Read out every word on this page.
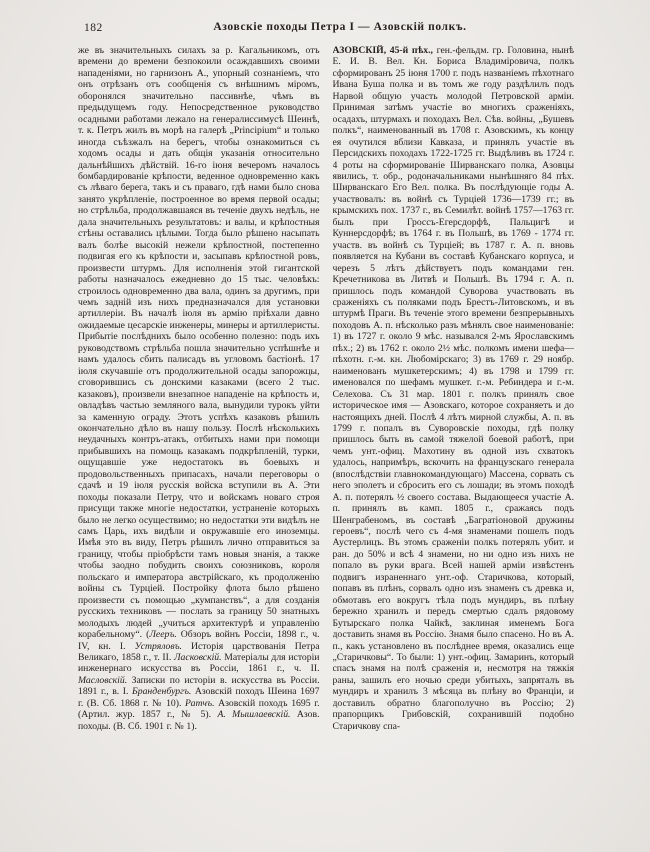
182	Азовскіе походы Петра I — Азовскій полкъ.

же въ значительныхъ силахъ за р. Кагальникомъ, отъ времени до времени безпокоили осаждавшихъ своими нападеніями, но гарнизонъ А., упорный сознаніемъ, что онъ отрѣзанъ отъ сообщенія съ внѣшнимъ міромъ, оборонялся значительно пассивнѣе, чѣмъ въ предыдущемъ году. Непосредственное руководство осадными работами лежало на генералиссимусѣ Шеинѣ, т. к. Петръ жилъ въ морѣ на галерѣ „Principium“ и только иногда съѣзжалъ на берегъ, чтобы ознакомиться съ ходомъ осады и дать общія указанія относительно дальнѣйшихъ дѣйствій. 16-го іюня вечеромъ началось бомбардированіе крѣпости, веденное одновременно какъ съ лѣваго берега, такъ и съ праваго, гдѣ нами было снова занято укрѣпленіе, построенное во время первой осады; но стрѣльба, продолжавшаяся въ теченіе двухъ недѣль, не дала значительныхъ результатовъ: и валы, и крѣпостныя стѣны оставались цѣлыми. Тогда было рѣшено насыпать валъ болѣе высокій нежели крѣпостной, постепенно подвигая его къ крѣпости и, засыпавъ крѣпостной ровъ, произвести штурмъ. Для исполненія этой гигантской работы назначалось ежедневно до 15 тыс. человѣкъ: строилось одновременно два вала, одинъ за другимъ, при чемъ задній изъ нихъ предназначался для установки артиллеріи. Въ началѣ іюля въ армію пріѣхали давно ожидаемые цесарскіе инженеры, минеры и артиллеристы. Прибытіе послѣднихъ было особенно полезно: подъ ихъ руководствомъ стрѣльба пошла значительно успѣшнѣе и намъ удалось сбить палисадъ въ угловомъ бастіонѣ. 17 іюля скучавшіе отъ продолжительной осады запорожцы, сговорившись съ донскими казаками (всего 2 тыс. казаковъ), произвели внезапное нападеніе на крѣпость и, овладѣвъ частью земляного вала, вынудили турокъ уйти за каменную ограду. Этотъ успѣхъ казаковъ рѣшилъ окончательно дѣло въ нашу пользу. Послѣ нѣсколькихъ неудачныхъ контръ-атакъ, отбитыхъ нами при помощи прибывшихъ на помощь казакамъ подкрѣпленій, турки, ощущавшіе уже недостатокъ въ боевыхъ и продовольственныхъ припасахъ, начали переговоры о сдачѣ и 19 іюля русскія войска вступили въ А. Эти походы показали Петру, что и войскамъ новаго строя присущи также многіе недостатки, устраненіе которыхъ было не легко осуществимо; но недостатки эти видѣлъ не самъ Царь, ихъ видѣли и окружавшіе его иноземцы. Имѣя это въ виду, Петръ рѣшилъ лично отправиться за границу, чтобы пріобрѣсти тамъ новыя знанія, а также чтобы заодно побудить своихъ союзниковъ, короля польскаго и императора австрійскаго, къ продолженію войны съ Турціей. Постройку флота было рѣшено произвести съ помощью „кумпанствъ“, а для созданія русскихъ техниковъ — послать за границу 50 знатныхъ молодыхъ людей „учиться архитектурѣ и управленію корабельному“. (Лееръ. Обзоръ войнъ Россіи, 1898 г., ч. IV, кн. I. Устряловъ. Исторія царствованія Петра Великаго, 1858 г., т. II. Ласковскій. Матеріалы для исторіи инженернаго искусства въ Россіи, 1861 г., ч. II. Масловскій. Записки по исторіи в. искусства въ Россіи. 1891 г., в. I. Бранденбургъ. Азовскій походъ Шеина 1697 г. (В. Сб. 1868 г. № 10). Ратчъ. Азовскій походъ 1695 г. (Артил. жур. 1857 г., № 5). А. Мышлаевскій. Азов. походы. (В. Сб. 1901 г. № 1).

АЗОВСКІЙ, 45-й пѣх., ген.-фельдм. гр. Головина, нынѣ Е. И. В. Вел. Кн. Бориса Владиміровича, полкъ сформированъ 25 іюня 1700 г. подъ названіемъ пѣхотнаго Ивана Буша полка и въ томъ же году раздѣлилъ подъ Нарвой общую участь молодой Петровской арміи. Принимая затѣмъ участіе во многихъ сраженіяхъ, осадахъ, штурмахъ и походахъ Вел. Сѣв. войны, „Бушевъ полкъ“, наименованный въ 1708 г. Азовскимъ, къ концу ея очутился вблизи Кавказа, и принялъ участіе въ Персидскихъ походахъ 1722-1725 гг. Выдѣливъ въ 1724 г. 4 роты на сформированіе Ширванскаго полка, Азовцы явились, т. обр., родоначальниками нынѣшняго 84 пѣх. Ширванскаго Его Вел. полка. Въ послѣдующіе годы А. участвовалъ: въ войнѣ съ Турціей 1736—1739 гг.; въ крымскихъ пох. 1737 г., въ Семилѣт. войнѣ 1757—1763 гг. былъ при Гроссъ-Егерсдорфѣ, Пальцигѣ и Куннерсдорфѣ; въ 1764 г. въ Польшѣ, въ 1769 - 1774 гг. участв. въ войнѣ съ Турціей; въ 1787 г. А. п. вновь появляется на Кубани въ составѣ Кубанскаго корпуса, и черезъ 5 лѣтъ дѣйствуетъ подъ командами ген. Кречетникова въ Литвѣ и Польшѣ. Въ 1794 г. А. п. пришлось подъ командой Суворова участвовать въ сраженіяхъ съ поляками подъ Брестъ-Литовскомъ, и въ штурмѣ Праги. Въ теченіе этого времени безпрерывныхъ походовъ А. п. нѣсколько разъ мѣнялъ свое наименованіе: 1) въ 1727 г. около 9 мѣс. назывался 2-мъ Ярославскимъ пѣх.; 2) въ 1762 г. около 2½ мѣс. полкомъ имени шефа—пѣхотн. г.-м. кн. Любомірскаго; 3) въ 1769 г. 29 ноябр. наименованъ мушкетерскимъ; 4) въ 1798 и 1799 гг. именовался по шефамъ мушкет. г.-м. Ребиндера и г.-м. Селехова. Съ 31 мар. 1801 г. полкъ принялъ свое историческое имя — Азовскаго, которое сохраняетъ и до настоящихъ дней. Послѣ 4 лѣтъ мирной службы, А. п. въ 1799 г. попалъ въ Суворовскіе походы, гдѣ полку пришлось быть въ самой тяжелой боевой работѣ, при чемъ унт.-офиц. Махотину въ одной изъ схватокъ удалось, напримѣръ, вскочить на французскаго генерала (впослѣдствіи главнокомандующаго) Массена, сорвать съ него эполетъ и сбросить его съ лошади; въ этомъ походѣ А. п. потерялъ ½ своего состава. Выдающееся участіе А. п. принялъ въ камп. 1805 г., сражаясь подъ Шенграбеномъ, въ составѣ „Багратіоновой дружины героевъ“, послѣ чего съ 4-мя знаменами пошелъ подъ Аустерлицъ. Въ этомъ сраженіи полкъ потерялъ убит. и ран. до 50% и всѣ 4 знамени, но ни одно изъ нихъ не попало въ руки врага. Всей нашей арміи извѣстенъ подвигъ израненнаго унт.-оф. Старичкова, который, попавъ въ плѣнъ, сорвалъ одно изъ знаменъ съ древка и, обмотавъ его вокругъ тѣла подъ мундиръ, въ плѣну бережно хранилъ и передъ смертью сдалъ рядовому Бутырскаго полка Чайкѣ, заклиная именемъ Бога доставить знамя въ Россію. Знамя было спасено. Но въ А. п., какъ установлено въ послѣднее время, оказались еще „Старичковы“. То были: 1) унт.-офиц. Замаринъ, который спасъ знамя на полѣ сраженія и, несмотря на тяжкія раны, зашилъ его ночью среди убитыхъ, запряталъ въ мундиръ и хранилъ 3 мѣсяца въ плѣну во Франціи, и доставилъ обратно благополучно въ Россію; 2) прапорщикъ Грибовскій, сохранившій подобно Старичкову спа-
